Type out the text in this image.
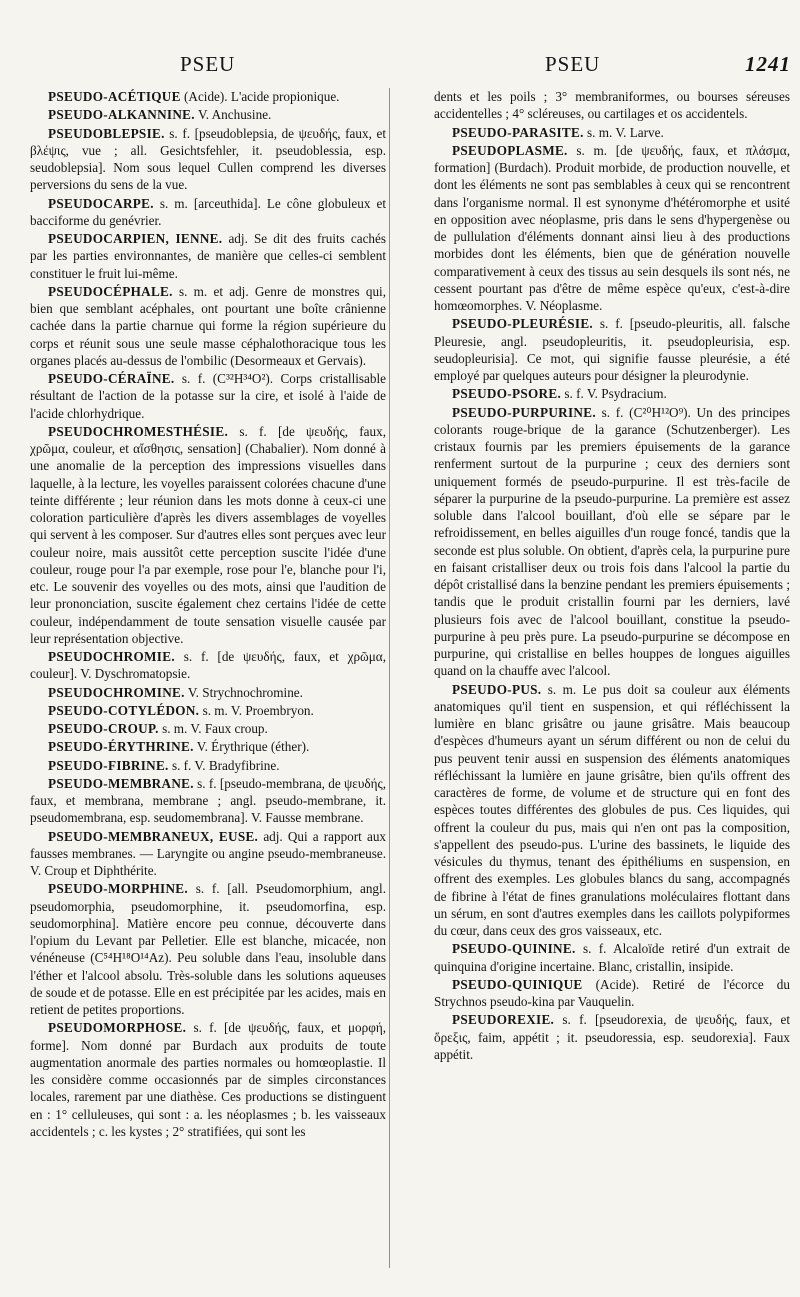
PSEU	PSEU	1241

PSEUDO-ACÉTIQUE (Acide). L'acide propionique.

PSEUDO-ALKANNINE. V. Anchusine.

PSEUDOBLEPSIE. s. f. [pseudoblepsia, de ψευδής, faux, et βλέψις, vue ; all. Gesichtsfehler, it. pseudoblessia, esp. seudoblepsia]. Nom sous lequel Cullen comprend les diverses perversions du sens de la vue.

PSEUDOCARPE. s. m. [arceuthida]. Le cône globuleux et bacciforme du genévrier.

PSEUDOCARPIEN, IENNE. adj. Se dit des fruits cachés par les parties environnantes, de manière que celles-ci semblent constituer le fruit lui-même.

PSEUDOCÉPHALE. s. m. et adj. Genre de monstres qui, bien que semblant acéphales, ont pourtant une boîte crânienne cachée dans la partie charnue qui forme la région supérieure du corps et réunit sous une seule masse céphalothoracique tous les organes placés au-dessus de l'ombilic (Desormeaux et Gervais).

PSEUDO-CÉRAÏNE. s. f. (C³²H³⁴O²). Corps cristallisable résultant de l'action de la potasse sur la cire, et isolé à l'aide de l'acide chlorhydrique.

PSEUDOCHROMESTHÉSIE. s. f. [de ψευδής, faux, χρῶμα, couleur, et αἴσθησις, sensation] (Chabalier). Nom donné à une anomalie de la perception des impressions visuelles dans laquelle, à la lecture, les voyelles paraissent colorées chacune d'une teinte différente ; leur réunion dans les mots donne à ceux-ci une coloration particulière d'après les divers assemblages de voyelles qui servent à les composer. Sur d'autres elles sont perçues avec leur couleur noire, mais aussitôt cette perception suscite l'idée d'une couleur, rouge pour l'a par exemple, rose pour l'e, blanche pour l'i, etc. Le souvenir des voyelles ou des mots, ainsi que l'audition de leur prononciation, suscite également chez certains l'idée de cette couleur, indépendamment de toute sensation visuelle causée par leur représentation objective.

PSEUDOCHROMIE. s. f. [de ψευδής, faux, et χρῶμα, couleur]. V. Dyschromatopsie.

PSEUDOCHROMINE. V. Strychnochromine.

PSEUDO-COTYLÉDON. s. m. V. Proembryon.

PSEUDO-CROUP. s. m. V. Faux croup.

PSEUDO-ÉRYTHRINE. V. Érythrique (éther).

PSEUDO-FIBRINE. s. f. V. Bradyfibrine.

PSEUDO-MEMBRANE. s. f. [pseudo-membrana, de ψευδής, faux, et membrana, membrane ; angl. pseudo-membrane, it. pseudomembrana, esp. seudomembrana]. V. Fausse membrane.

PSEUDO-MEMBRANEUX, EUSE. adj. Qui a rapport aux fausses membranes. — Laryngite ou angine pseudo-membraneuse. V. Croup et Diphthérite.

PSEUDO-MORPHINE. s. f. [all. Pseudomorphium, angl. pseudomorphia, pseudomorphine, it. pseudomorfina, esp. seudomorphina]. Matière encore peu connue, découverte dans l'opium du Levant par Pelletier. Elle est blanche, micacée, non vénéneuse (C⁵⁴H¹⁸O¹⁴Az). Peu soluble dans l'eau, insoluble dans l'éther et l'alcool absolu. Très-soluble dans les solutions aqueuses de soude et de potasse. Elle en est précipitée par les acides, mais en retient de petites proportions.

PSEUDOMORPHOSE. s. f. [de ψευδής, faux, et μορφή, forme]. Nom donné par Burdach aux produits de toute augmentation anormale des parties normales ou homœoplastie. Il les considère comme occasionnés par de simples circonstances locales, rarement par une diathèse. Ces productions se distinguent en : 1° celluleuses, qui sont : a. les néoplasmes ; b. les vaisseaux accidentels ; c. les kystes ; 2° stratifiées, qui sont les

dents et les poils ; 3° membraniformes, ou bourses séreuses accidentelles ; 4° scléreuses, ou cartilages et os accidentels.

PSEUDO-PARASITE. s. m. V. Larve.

PSEUDOPLASME. s. m. [de ψευδής, faux, et πλάσμα, formation] (Burdach). Produit morbide, de production nouvelle, et dont les éléments ne sont pas semblables à ceux qui se rencontrent dans l'organisme normal. Il est synonyme d'hétéromorphe et usité en opposition avec néoplasme, pris dans le sens d'hypergenèse ou de pullulation d'éléments donnant ainsi lieu à des productions morbides dont les éléments, bien que de génération nouvelle comparativement à ceux des tissus au sein desquels ils sont nés, ne cessent pourtant pas d'être de même espèce qu'eux, c'est-à-dire homœomorphes. V. Néoplasme.

PSEUDO-PLEURÉSIE. s. f. [pseudo-pleuritis, all. falsche Pleuresie, angl. pseudopleuritis, it. pseudopleurisia, esp. seudopleurisia]. Ce mot, qui signifie fausse pleurésie, a été employé par quelques auteurs pour désigner la pleurodynie.

PSEUDO-PSORE. s. f. V. Psydracium.

PSEUDO-PURPURINE. s. f. (C²⁰H¹²O⁹). Un des principes colorants rouge-brique de la garance (Schutzenberger). Les cristaux fournis par les premiers épuisements de la garance renferment surtout de la purpurine ; ceux des derniers sont uniquement formés de pseudo-purpurine. Il est très-facile de séparer la purpurine de la pseudo-purpurine. La première est assez soluble dans l'alcool bouillant, d'où elle se sépare par le refroidissement, en belles aiguilles d'un rouge foncé, tandis que la seconde est plus soluble. On obtient, d'après cela, la purpurine pure en faisant cristalliser deux ou trois fois dans l'alcool la partie du dépôt cristallisé dans la benzine pendant les premiers épuisements ; tandis que le produit cristallin fourni par les derniers, lavé plusieurs fois avec de l'alcool bouillant, constitue la pseudo-purpurine à peu près pure. La pseudo-purpurine se décompose en purpurine, qui cristallise en belles houppes de longues aiguilles quand on la chauffe avec l'alcool.

PSEUDO-PUS. s. m. Le pus doit sa couleur aux éléments anatomiques qu'il tient en suspension, et qui réfléchissent la lumière en blanc grisâtre ou jaune grisâtre. Mais beaucoup d'espèces d'humeurs ayant un sérum différent ou non de celui du pus peuvent tenir aussi en suspension des éléments anatomiques réfléchissant la lumière en jaune grisâtre, bien qu'ils offrent des caractères de forme, de volume et de structure qui en font des espèces toutes différentes des globules de pus. Ces liquides, qui offrent la couleur du pus, mais qui n'en ont pas la composition, s'appellent des pseudo-pus. L'urine des bassinets, le liquide des vésicules du thymus, tenant des épithéliums en suspension, en offrent des exemples. Les globules blancs du sang, accompagnés de fibrine à l'état de fines granulations moléculaires flottant dans un sérum, en sont d'autres exemples dans les caillots polypiformes du cœur, dans ceux des gros vaisseaux, etc.

PSEUDO-QUININE. s. f. Alcaloïde retiré d'un extrait de quinquina d'origine incertaine. Blanc, cristallin, insipide.

PSEUDO-QUINIQUE (Acide). Retiré de l'écorce du Strychnos pseudo-kina par Vauquelin.

PSEUDOREXIE. s. f. [pseudorexia, de ψευδής, faux, et ὄρεξις, faim, appétit ; it. pseudoressia, esp. seudorexia]. Faux appétit.
